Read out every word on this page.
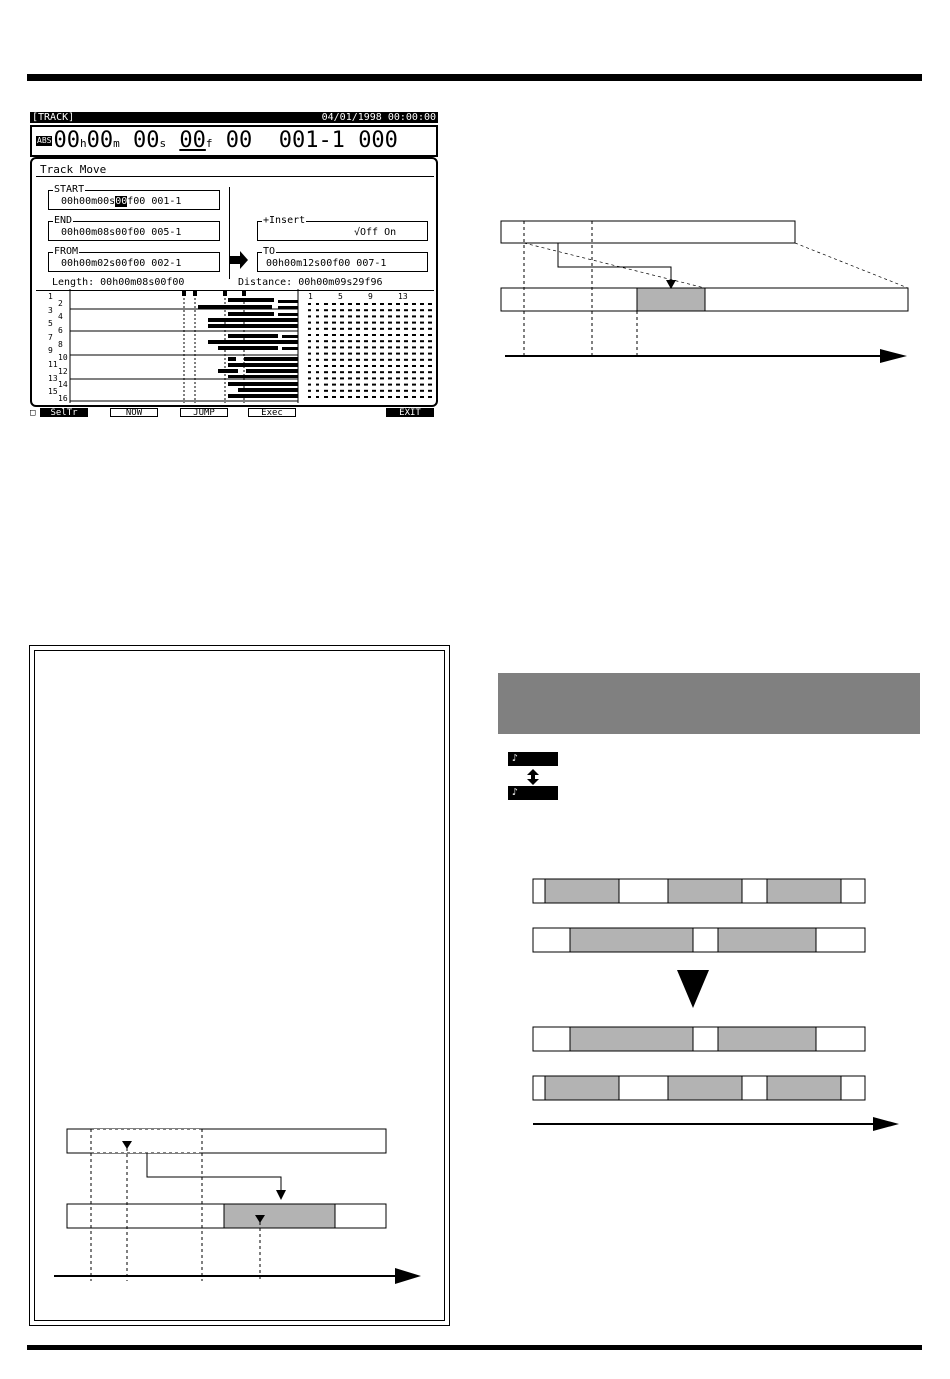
[TRACK]	04/01/1998 00:00:00
ABS00h00m 00s 00f 00 001-1 000
Track Move
START
00h00m00s00f00 001-1
END
00h00m08s00f00 005-1
FROM
00h00m02s00f00 002-1
+Insert
√Off On
TO
00h00m12s00f00 007-1
Length: 00h00m08s00f00	Distance: 00h00m09s29f96
1
2
3
4
5
6
7
8
9
10
11
12
13
14
15
16
1	5	9	13
□	SelTr	NOW	JUMP	Exec	EXIT
♪
♪
